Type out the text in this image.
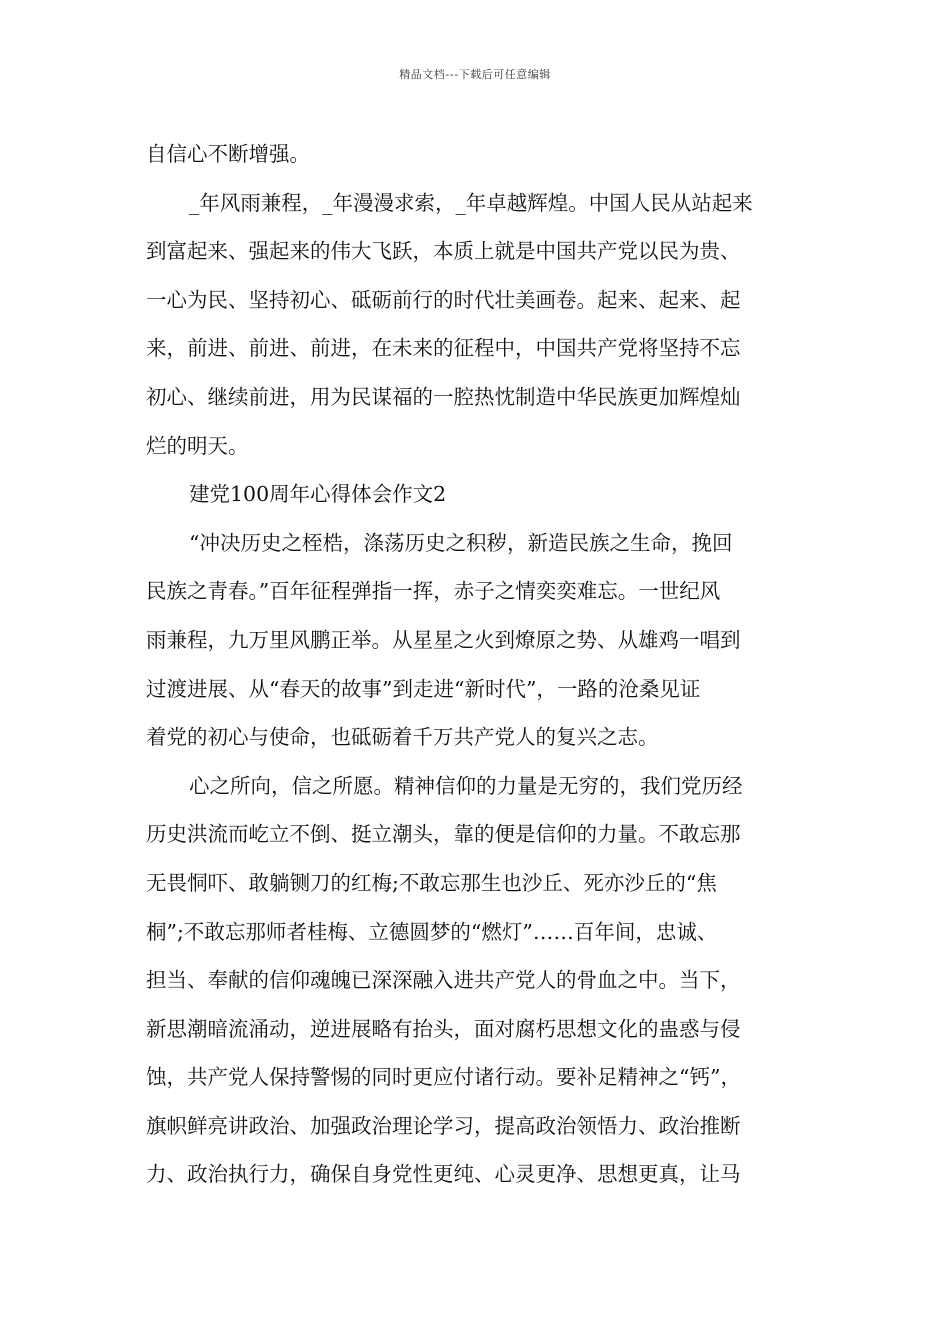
精品文档---下载后可任意编辑
自信心不断增强。
_年风雨兼程，_年漫漫求索，_年卓越辉煌。中国人民从站起来
到富起来、强起来的伟大飞跃，本质上就是中国共产党以民为贵、
一心为民、坚持初心、砥砺前行的时代壮美画卷。起来、起来、起
来，前进、前进、前进，在未来的征程中，中国共产党将坚持不忘
初心、继续前进，用为民谋福的一腔热忱制造中华民族更加辉煌灿
烂的明天。
建党100周年心得体会作文2
“冲决历史之桎梏，涤荡历史之积秽，新造民族之生命，挽回
民族之青春。”百年征程弹指一挥，赤子之情奕奕难忘。一世纪风
雨兼程，九万里风鹏正举。从星星之火到燎原之势、从雄鸡一唱到
过渡进展、从“春天的故事”到走进“新时代”，一路的沧桑见证
着党的初心与使命，也砥砺着千万共产党人的复兴之志。
心之所向，信之所愿。精神信仰的力量是无穷的，我们党历经
历史洪流而屹立不倒、挺立潮头，靠的便是信仰的力量。不敢忘那
无畏恫吓、敢躺铡刀的红梅;不敢忘那生也沙丘、死亦沙丘的“焦
桐”;不敢忘那师者桂梅、立德圆梦的“燃灯”……百年间，忠诚、
担当、奉献的信仰魂魄已深深融入进共产党人的骨血之中。当下，
新思潮暗流涌动，逆进展略有抬头，面对腐朽思想文化的蛊惑与侵
蚀，共产党人保持警惕的同时更应付诸行动。要补足精神之“钙”，
旗帜鲜亮讲政治、加强政治理论学习，提高政治领悟力、政治推断
力、政治执行力，确保自身党性更纯、心灵更净、思想更真，让马
